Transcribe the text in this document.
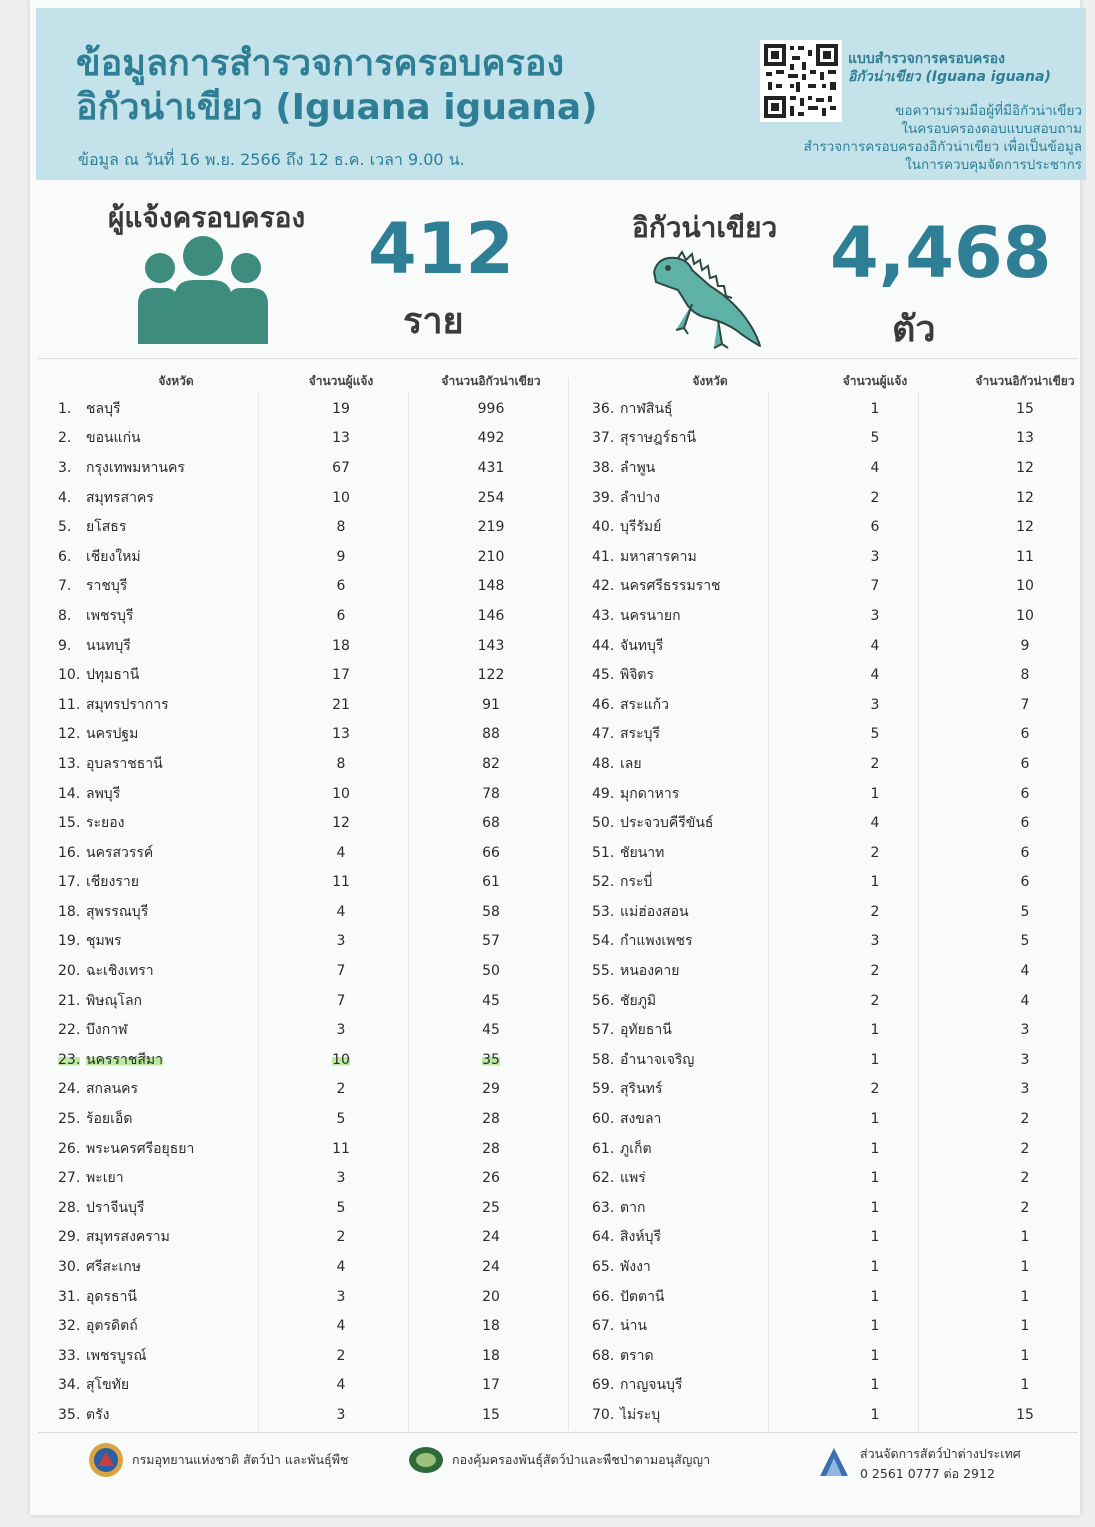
ข้อมูลการสำรวจการครอบครอง
อิกัวน่าเขียว (Iguana iguana)
ข้อมูล ณ วันที่ 16 พ.ย. 2566 ถึง 12 ธ.ค. เวลา 9.00 น.
แบบสำรวจการครอบครอง
อิกัวน่าเขียว (Iguana iguana)
ขอความร่วมมือผู้ที่มีอิกัวน่าเขียว
ในครอบครองตอบแบบสอบถาม
สำรวจการครอบครองอิกัวน่าเขียว เพื่อเป็นข้อมูล
ในการควบคุมจัดการประชากร
ผู้แจ้งครอบครอง 412
ราย
อิกัวน่าเขียว 4,468
ตัว
จังหวัด	จำนวนผู้แจ้ง	จำนวนอิกัวน่าเขียว
1.	ชลบุรี	19	996
2.	ขอนแก่น	13	492
3.	กรุงเทพมหานคร	67	431
4.	สมุทรสาคร	10	254
5.	ยโสธร	8	219
6.	เชียงใหม่	9	210
7.	ราชบุรี	6	148
8.	เพชรบุรี	6	146
9.	นนทบุรี	18	143
10. ปทุมธานี	17	122
11. สมุทรปราการ	21	91
12. นครปฐม	13	88
13. อุบลราชธานี	8	82
14. ลพบุรี	10	78
15. ระยอง	12	68
16. นครสวรรค์	4	66
17. เชียงราย	11	61
18. สุพรรณบุรี	4	58
19. ชุมพร	3	57
20. ฉะเชิงเทรา	7	50
21. พิษณุโลก	7	45
22. บึงกาฬ	3	45
23. นครราชสีมา	10	35
24. สกลนคร	2	29
25. ร้อยเอ็ด	5	28
26. พระนครศรีอยุธยา	11	28
27. พะเยา	3	26
28. ปราจีนบุรี	5	25
29. สมุทรสงคราม	2	24
30. ศรีสะเกษ	4	24
31. อุดรธานี	3	20
32. อุตรดิตถ์	4	18
33. เพชรบูรณ์	2	18
34. สุโขทัย	4	17
35. ตรัง	3	15
จังหวัด	จำนวนผู้แจ้ง	จำนวนอิกัวน่าเขียว
36. กาฬสินธุ์	1	15
37. สุราษฎร์ธานี	5	13
38. ลำพูน	4	12
39. ลำปาง	2	12
40. บุรีรัมย์	6	12
41. มหาสารคาม	3	11
42. นครศรีธรรมราช	7	10
43. นครนายก	3	10
44. จันทบุรี	4	9
45. พิจิตร	4	8
46. สระแก้ว	3	7
47. สระบุรี	5	6
48. เลย	2	6
49. มุกดาหาร	1	6
50. ประจวบคีรีขันธ์	4	6
51. ชัยนาท	2	6
52. กระบี่	1	6
53. แม่ฮ่องสอน	2	5
54. กำแพงเพชร	3	5
55. หนองคาย	2	4
56. ชัยภูมิ	2	4
57. อุทัยธานี	1	3
58. อำนาจเจริญ	1	3
59. สุรินทร์	2	3
60. สงขลา	1	2
61. ภูเก็ต	1	2
62. แพร่	1	2
63. ตาก	1	2
64. สิงห์บุรี	1	1
65. พังงา	1	1
66. ปัตตานี	1	1
67. น่าน	1	1
68. ตราด	1	1
69. กาญจนบุรี	1	1
70. ไม่ระบุ	1	15
กรมอุทยานแห่งชาติ สัตว์ป่า และพันธุ์พืช	กองคุ้มครองพันธุ์สัตว์ป่าและพืชป่าตามอนุสัญญา	ส่วนจัดการสัตว์ป่าต่างประเทศ
0 2561 0777 ต่อ 2912
